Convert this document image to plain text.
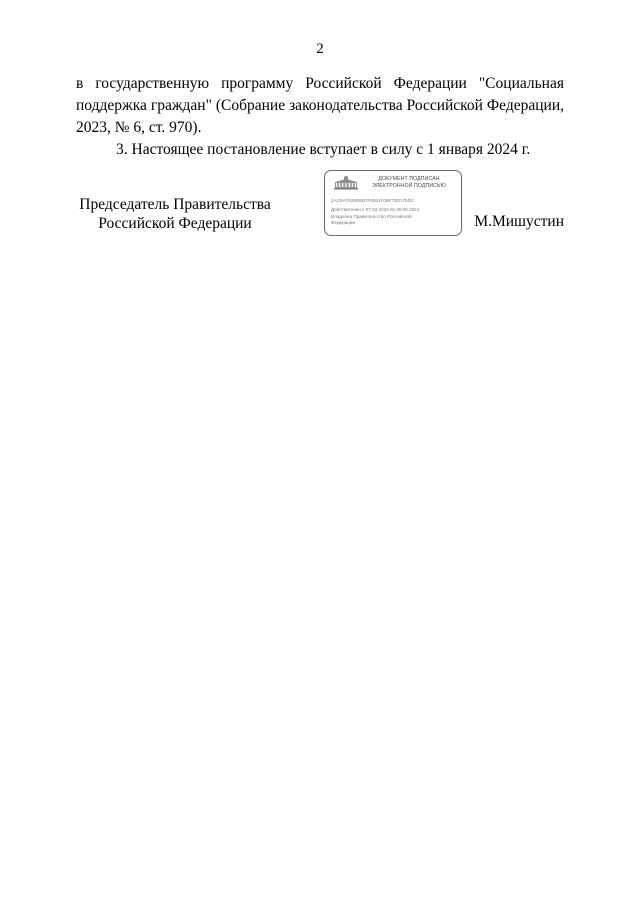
2

в государственную программу Российской Федерации "Социальная поддержка граждан" (Собрание законодательства Российской Федерации, 2023, № 6, ст. 970).

3. Настоящее постановление вступает в силу с 1 января 2024 г.

Председатель Правительства
Российской Федерации
ДОКУМЕНТ ПОДПИСАН
ЭЛЕКТРОННОЙ ПОДПИСЬЮ
2AC9A7626D6D7F6261F0BF7B3175DC
Действителен с 07.03.2023 по 30.05.2024
Владелец Правительство Российской
Федерации	М.Мишустин
